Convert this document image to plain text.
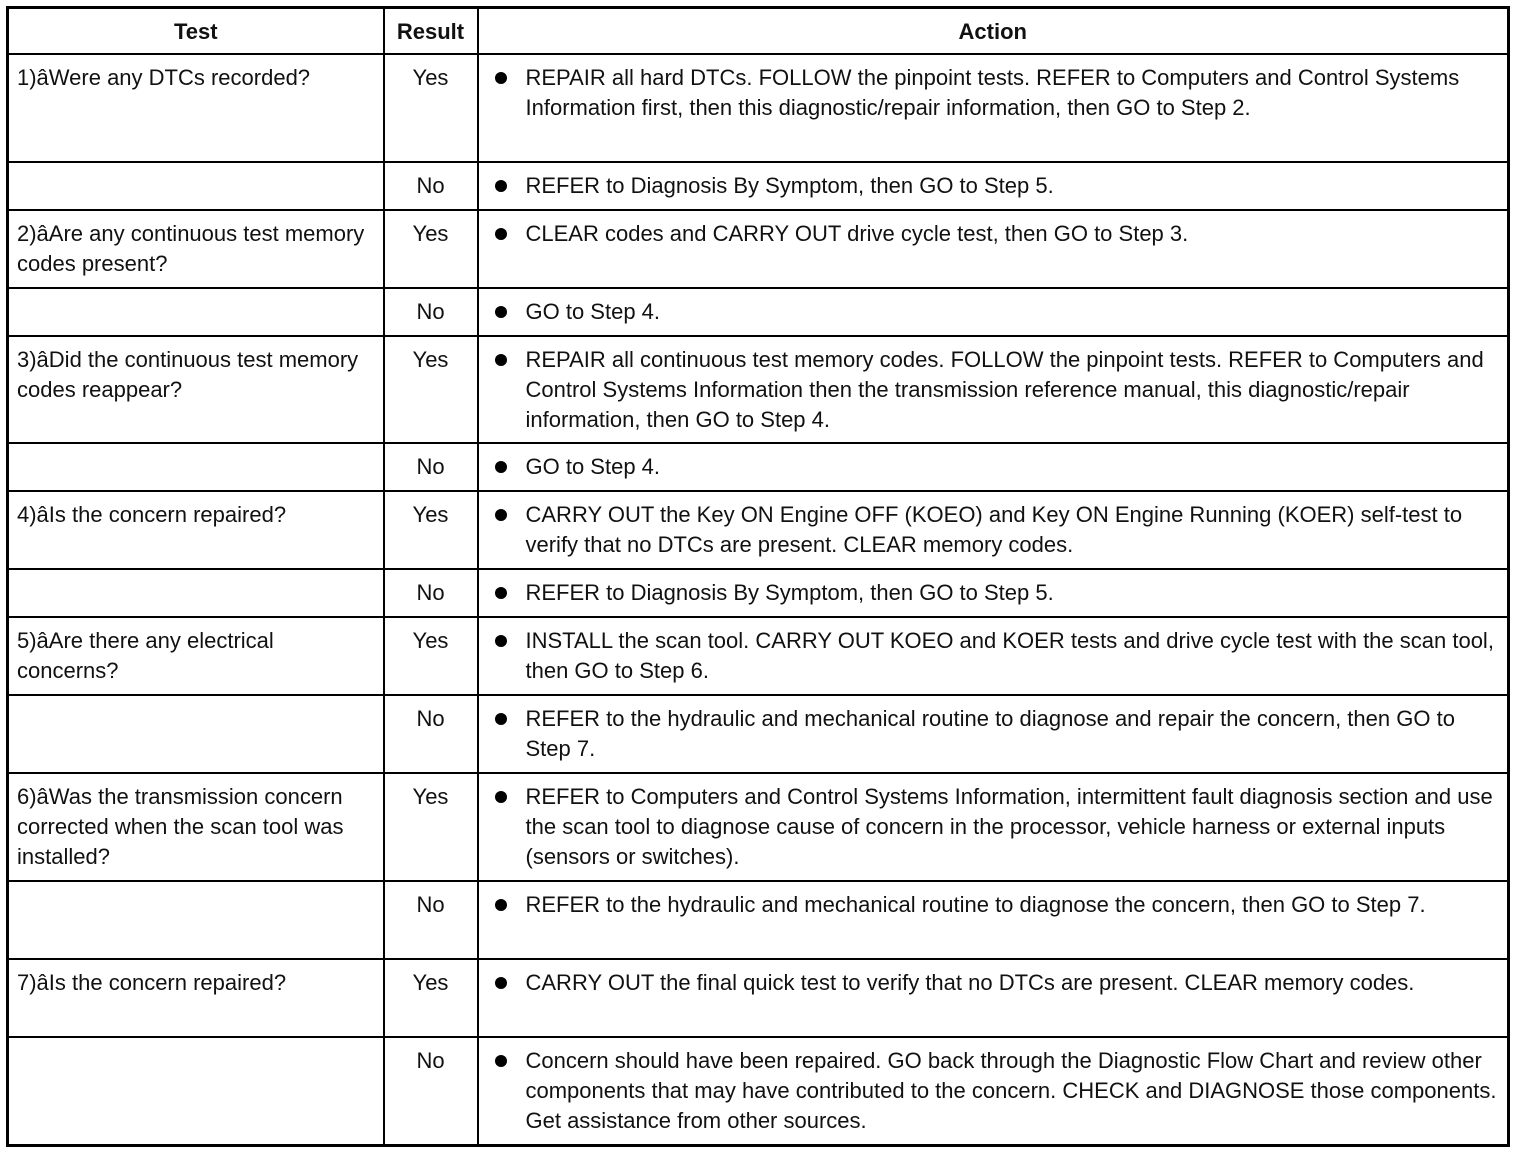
Test	Result	Action
1)âWere any DTCs recorded?	Yes	REPAIR all hard DTCs. FOLLOW the pinpoint tests. REFER to Computers and Control Systems Information first, then this diagnostic/repair information, then GO to Step 2.

	No	REFER to Diagnosis By Symptom, then GO to Step 5.

2)âAre any continuous test memory codes present?	Yes	CLEAR codes and CARRY OUT drive cycle test, then GO to Step 3.

	No	GO to Step 4.

3)âDid the continuous test memory codes reappear?	Yes	REPAIR all continuous test memory codes. FOLLOW the pinpoint tests. REFER to Computers and Control Systems Information then the transmission reference manual, this diagnostic/repair information, then GO to Step 4.

	No	GO to Step 4.

4)âIs the concern repaired?	Yes	CARRY OUT the Key ON Engine OFF (KOEO) and Key ON Engine Running (KOER) self-test to verify that no DTCs are present. CLEAR memory codes.

	No	REFER to Diagnosis By Symptom, then GO to Step 5.

5)âAre there any electrical concerns?	Yes	INSTALL the scan tool. CARRY OUT KOEO and KOER tests and drive cycle test with the scan tool, then GO to Step 6.

	No	REFER to the hydraulic and mechanical routine to diagnose and repair the concern, then GO to Step 7.

6)âWas the transmission concern corrected when the scan tool was installed?	Yes	REFER to Computers and Control Systems Information, intermittent fault diagnosis section and use the scan tool to diagnose cause of concern in the processor, vehicle harness or external inputs (sensors or switches).

	No	REFER to the hydraulic and mechanical routine to diagnose the concern, then GO to Step 7.

7)âIs the concern repaired?	Yes	CARRY OUT the final quick test to verify that no DTCs are present. CLEAR memory codes.

	No	Concern should have been repaired. GO back through the Diagnostic Flow Chart and review other components that may have contributed to the concern. CHECK and DIAGNOSE those components. Get assistance from other sources.
